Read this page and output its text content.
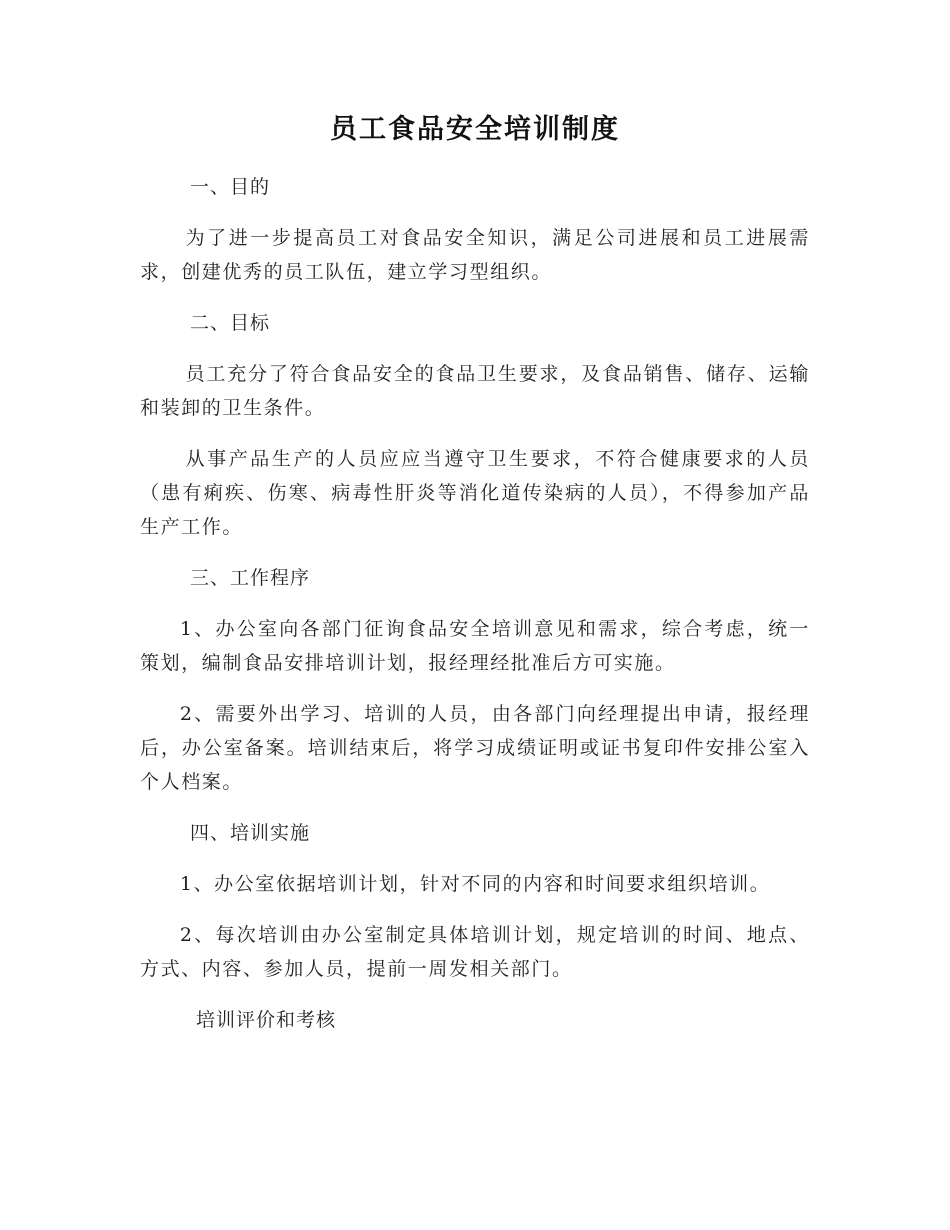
员工食品安全培训制度
一、目的

为了进一步提高员工对食品安全知识，满足公司进展和员工进展需求，创建优秀的员工队伍，建立学习型组织。

二、目标

员工充分了符合食品安全的食品卫生要求，及食品销售、储存、运输和装卸的卫生条件。

从事产品生产的人员应应当遵守卫生要求，不符合健康要求的人员（患有痢疾、伤寒、病毒性肝炎等消化道传染病的人员），不得参加产品生产工作。

三、工作程序

1、办公室向各部门征询食品安全培训意见和需求，综合考虑，统一策划，编制食品安排培训计划，报经理经批准后方可实施。

2、需要外出学习、培训的人员，由各部门向经理提出申请，报经理后，办公室备案。培训结束后，将学习成绩证明或证书复印件安排公室入个人档案。

四、培训实施

1、办公室依据培训计划，针对不同的内容和时间要求组织培训。

2、每次培训由办公室制定具体培训计划，规定培训的时间、地点、方式、内容、参加人员，提前一周发相关部门。

培训评价和考核
